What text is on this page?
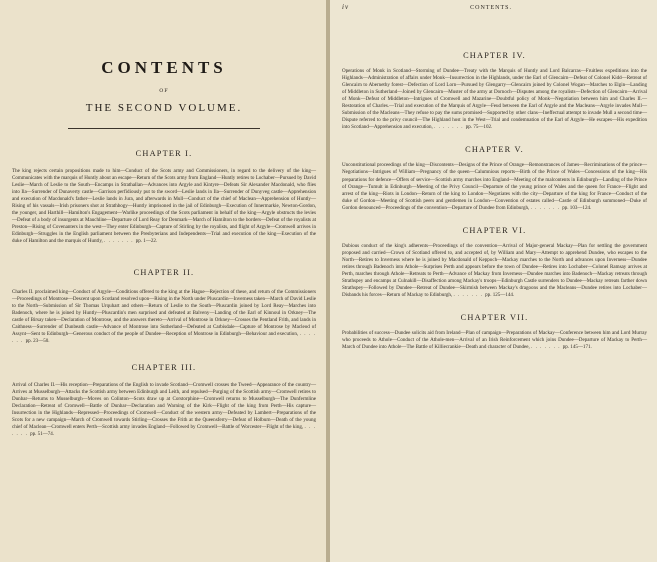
CONTENTS
OF
THE SECOND VOLUME.
CHAPTER I.
The king rejects certain propositions made to him—Conduct of the Scots army and Commissioners, in regard to the delivery of the king—Communicates with the marquis of Huntly about an escape—Return of the Scots army from England—Huntly retires to Lochaber—Pursued by David Leslie—March of Leslie to the South—Encamps in Strathallan—Advances into Argyle and Kintyre—Defeats Sir Alexander Macdonald, who flies into Ila—Surrender of Dunaverty castle—Garrison perfidiously put to the sword—Leslie lands in Ila—Surrender of Dunyveg castle—Apprehension and execution of Macdonald's father—Leslie lands in Jura, and afterwards in Mull—Conduct of the chief of Maclean—Apprehension of Huntly—Rising of his vassals—Irish prisoners shot at Strathbogy—Huntly imprisoned in the jail of Edinburgh—Execution of Innermarkie, Newton-Gordon, the younger, and Harthill—Hamilton's Engagement—Warlike proceedings of the Scots parliament in behalf of the king—Argyle obstructs the levies—Defeat of a body of insurgents at Mauchline—Departure of Lord Reay for Denmark—March of Hamilton to the borders—Defeat of the royalists at Preston—Rising of Covenanters in the west—They enter Edinburgh—Capture of Stirling by the royalists, and flight of Argyle—Cromwell arrives in Edinburgh—Struggles in the English parliament between the Presbyterians and Independents—Trial and execution of the king—Execution of the duke of Hamilton and the marquis of Huntly,	. . . pp. 1—22.
CHAPTER II.
Charles II. proclaimed king—Conduct of Argyle—Conditions offered to the king at the Hague—Rejection of these, and return of the Commissioners—Proceedings of Montrose—Descent upon Scotland resolved upon—Rising in the North under Pluscardin—Inverness taken—March of David Leslie to the North—Submission of Sir Thomas Urquhart and others—Return of Leslie to the South—Pluscardin joined by Lord Reay—Marches into Badenoch, where he is joined by Huntly—Pluscardin's men surprised and defeated at Balveny—Landing of the Earl of Kinnoul in Orkney—The castle of Birsay taken—Declaration of Montrose, and the answers thereto—Arrival of Montrose in Orkney—Crosses the Pentland Frith, and lands in Caithness—Surrender of Dunbeath castle—Advance of Montrose into Sutherland—Defeated at Carbisdale—Capture of Montrose by Macleod of Assynt—Sent to Edinburgh—Generous conduct of the people of Dundee—Reception of Montrose in Edinburgh—Behaviour and execution, . . . pp. 23—50.
CHAPTER III.
Arrival of Charles II.—His reception—Preparations of the English to invade Scotland—Cromwell crosses the Tweed—Appearance of the country—Arrives at Musselburgh—Attacks the Scottish army between Edinburgh and Leith, and repulsed—Purging of the Scottish army—Cromwell retires to Dunbar—Returns to Musselburgh—Moves on Colinton—Scots draw up at Corstorphine—Cromwell returns to Musselburgh—The Dunfermline Declaration—Retreat of Cromwell—Battle of Dunbar—Declaration and Warning of the Kirk—Flight of the king from Perth—His capture—Insurrection in the Highlands—Repressed—Proceedings of Cromwell—Conduct of the western army—Defeated by Lambert—Preparations of the Scots for a new campaign—March of Cromwell towards Stirling—Crosses the Frith at the Queensferry—Defeat of Holburn—Death of the young chief of Maclean—Cromwell enters Perth—Scottish army invades England—Followed by Cromwell—Battle of Worcester—Flight of the king, . . . pp. 51—74.
iv	CONTENTS.
CHAPTER IV.
Operations of Monk in Scotland—Storming of Dundee—Treaty with the Marquis of Huntly and Lord Balcarras—Fruitless expeditions into the Highlands—Administration of affairs under Monk—Insurrection in the Highlands, under the Earl of Glencairn—Defeat of Colonel Kidd—Retreat of Glencairn to Abernethy forest—Defection of Lord Lorn—Pursued by Glengarry—Glencairn joined by Colonel Wogan—Marches to Elgin—Landing of Middleton in Sutherland—Joined by Glencairn—Muster of the army at Dornoch—Disputes among the royalists—Defection of Glencairn—Arrival of Monk—Defeat of Middleton—Intrigues of Cromwell and Mazarine—Doubtful policy of Monk—Negotiation between him and Charles II.—Restoration of Charles.—Trial and execution of the Marquis of Argyle—Feud between the Earl of Argyle and the Macleans—Argyle invades Mull—Submission of the Macleans—They refuse to pay the sums promised—Supported by other clans—Ineffectual attempt to invade Mull a second time—Dispute referred to the privy council—The Highland host in the West—Trial and condemnation of the Earl of Argyle—He escapes—His expedition into Scotland—Apprehension and execution,	. . . pp. 75—102.
CHAPTER V.
Unconstitutional proceedings of the king—Discontents—Designs of the Prince of Orange—Remonstrances of James—Recriminations of the prince—Negotiations—Intrigues of William—Pregnancy of the queen—Calumnious reports—Birth of the Prince of Wales—Concessions of the king—His preparations for defence—Offers of service—Scottish army marches into England—Meeting of the malcontents in Edinburgh—Landing of the Prince of Orange—Tumult in Edinburgh—Meeting of the Privy Council—Departure of the young prince of Wales and the queen for France—Flight and arrest of the king—Riots in London—Return of the king to London—Negotiates with the city—Departure of the king for France—Conduct of the duke of Gordon—Meeting of Scottish peers and gentlemen in London—Convention of estates called—Castle of Edinburgh summoned—Duke of Gordon denounced—Proceedings of the convention—Departure of Dundee from Edinburgh,	. . . pp. 103—124.
CHAPTER VI.
Dubious conduct of the king's adherents—Proceedings of the convention—Arrival of Major-general Mackay—Plan for settling the government proposed and carried—Crown of Scotland offered to, and accepted of, by William and Mary—Attempt to apprehend Dundee, who escapes to the North—Retires to Inverness where he is joined by Macdonald of Keppoch—Mackay marches to the North and advances upon Inverness—Dundee retires through Badenoch into Athole—Surprises Perth and appears before the town of Dundee—Retires into Lochaber—Colonel Ramsay arrives at Perth, marches through Athole—Retreats to Perth—Advance of Mackay from Inverness—Dundee marches into Badenoch—Mackay retreats through Strathspey and encamps at Culnakill—Disaffection among Mackay's troops—Edinburgh Castle surrenders to Dundee—Mackay retreats farther down Strathspey—Followed by Dundee—Retreat of Dundee—Skirmish between Mackay's dragoons and the Macleans—Dundee retires into Lochaber—Disbands his forces—Return of Mackay to Edinburgh,	. . . pp. 125—144.
CHAPTER VII.
Probabilities of success—Dundee solicits aid from Ireland—Plan of campaign—Preparations of Mackay—Conference between him and Lord Murray who proceeds to Athole—Conduct of the Athole-men—Arrival of an Irish Reinforcement which joins Dundee—Departure of Mackay to Perth—March of Dundee into Athole—The Battle of Killiecrankie—Death and character of Dundee,	. . . pp. 145—171.
